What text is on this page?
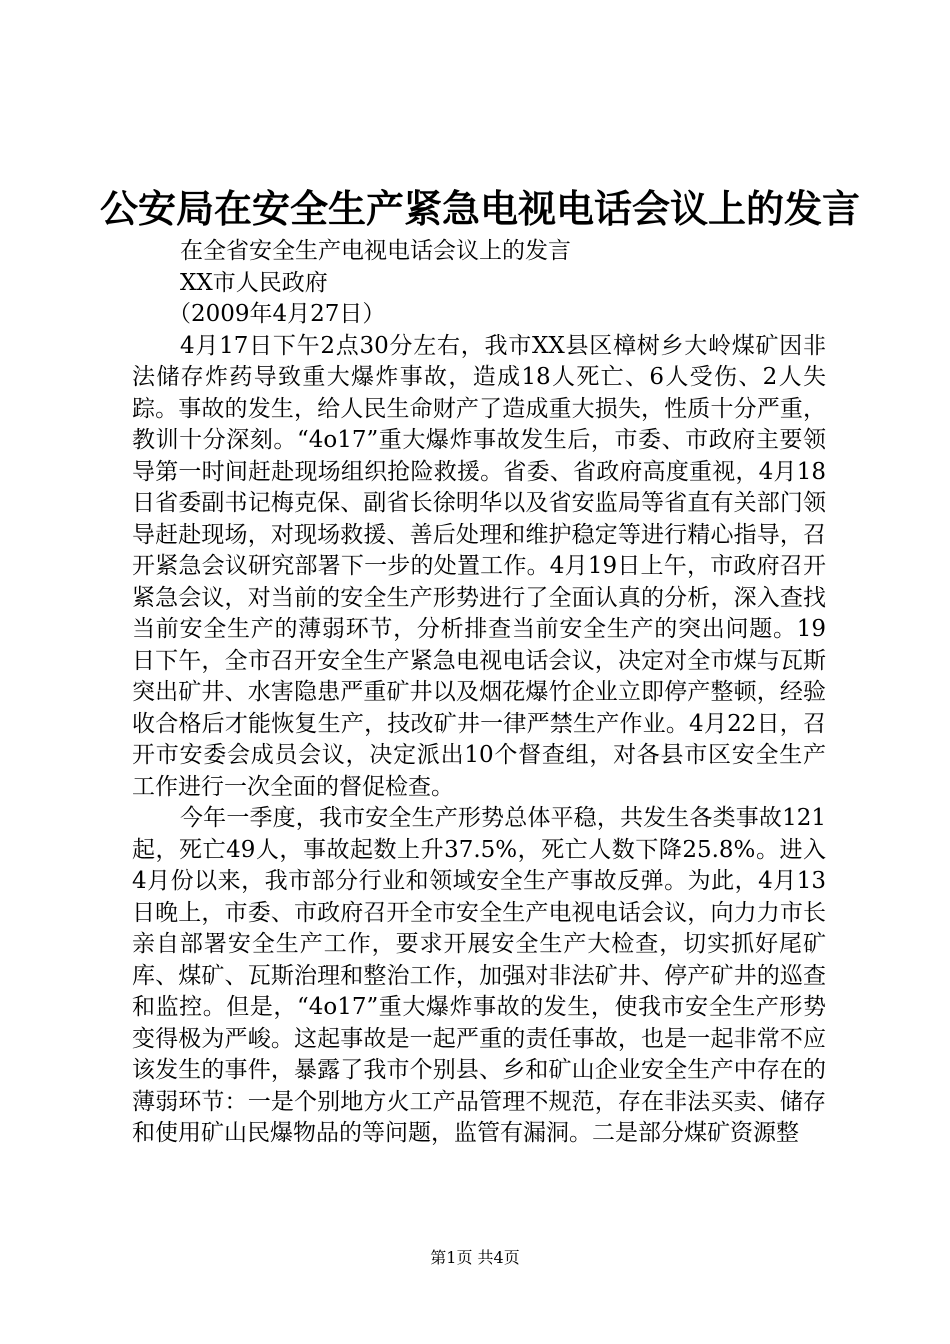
公安局在安全生产紧急电视电话会议上的发言

在全省安全生产电视电话会议上的发言

XX市人民政府

（2009年4月27日）

4月17日下午2点30分左右，我市XX县区樟树乡大岭煤矿因非法储存炸药导致重大爆炸事故，造成18人死亡、6人受伤、2人失踪。事故的发生，给人民生命财产了造成重大损失，性质十分严重，教训十分深刻。“4o17”重大爆炸事故发生后，市委、市政府主要领导第一时间赶赴现场组织抢险救援。省委、省政府高度重视，4月18日省委副书记梅克保、副省长徐明华以及省安监局等省直有关部门领导赶赴现场，对现场救援、善后处理和维护稳定等进行精心指导，召开紧急会议研究部署下一步的处置工作。4月19日上午，市政府召开紧急会议，对当前的安全生产形势进行了全面认真的分析，深入查找当前安全生产的薄弱环节，分析排查当前安全生产的突出问题。19日下午，全市召开安全生产紧急电视电话会议，决定对全市煤与瓦斯突出矿井、水害隐患严重矿井以及烟花爆竹企业立即停产整顿，经验收合格后才能恢复生产，技改矿井一律严禁生产作业。4月22日，召开市安委会成员会议，决定派出10个督查组，对各县市区安全生产工作进行一次全面的督促检查。

今年一季度，我市安全生产形势总体平稳，共发生各类事故121起，死亡49人，事故起数上升37.5%，死亡人数下降25.8%。进入4月份以来，我市部分行业和领域安全生产事故反弹。为此，4月13日晚上，市委、市政府召开全市安全生产电视电话会议，向力力市长亲自部署安全生产工作，要求开展安全生产大检查，切实抓好尾矿库、煤矿、瓦斯治理和整治工作，加强对非法矿井、停产矿井的巡查和监控。但是，“4o17”重大爆炸事故的发生，使我市安全生产形势变得极为严峻。这起事故是一起严重的责任事故，也是一起非常不应该发生的事件，暴露了我市个别县、乡和矿山企业安全生产中存在的薄弱环节：一是个别地方火工产品管理不规范，存在非法买卖、储存和使用矿山民爆物品的等问题，监管有漏洞。二是部分煤矿资源整

第1页 共4页
